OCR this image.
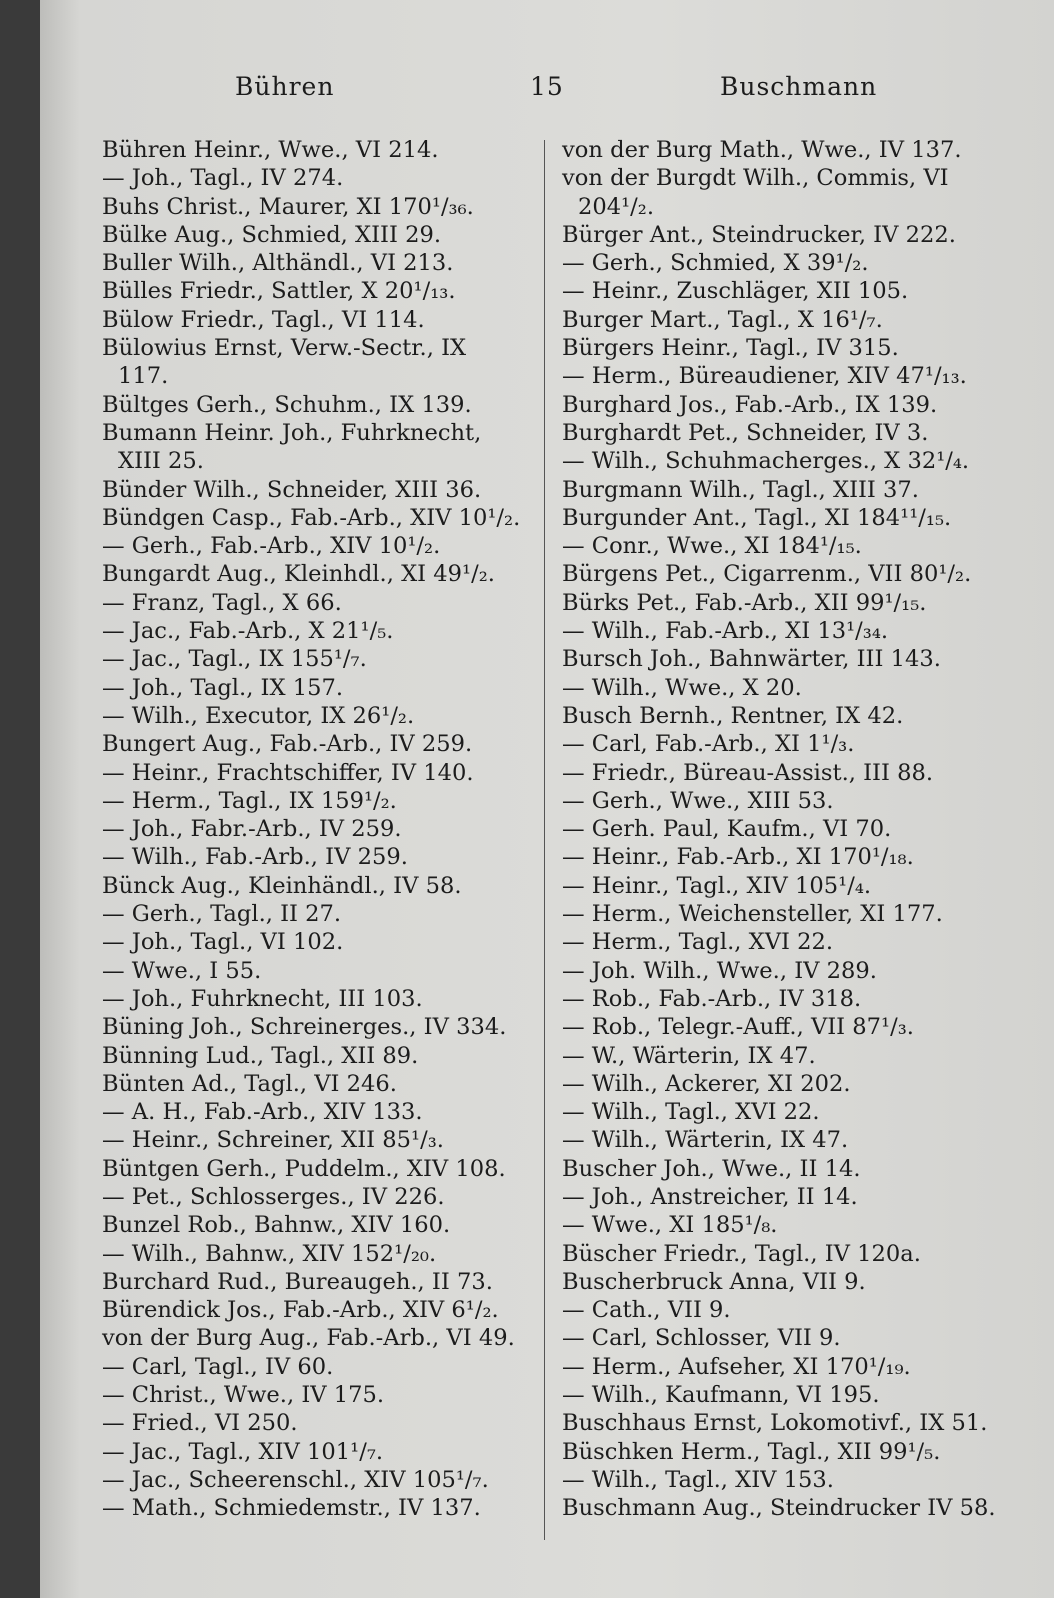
Bühren	15	Buschmann
Bühren Heinr., Wwe., VI 214.
— Joh., Tagl., IV 274.
Buhs Christ., Maurer, XI 170¹/₃₆.
Bülke Aug., Schmied, XIII 29.
Buller Wilh., Althändl., VI 213.
Bülles Friedr., Sattler, X 20¹/₁₃.
Bülow Friedr., Tagl., VI 114.
Bülowius Ernst, Verw.-Sectr., IX
117.
Bültges Gerh., Schuhm., IX 139.
Bumann Heinr. Joh., Fuhrknecht,
XIII 25.
Bünder Wilh., Schneider, XIII 36.
Bündgen Casp., Fab.-Arb., XIV 10¹/₂.
— Gerh., Fab.-Arb., XIV 10¹/₂.
Bungardt Aug., Kleinhdl., XI 49¹/₂.
— Franz, Tagl., X 66.
— Jac., Fab.-Arb., X 21¹/₅.
— Jac., Tagl., IX 155¹/₇.
— Joh., Tagl., IX 157.
— Wilh., Executor, IX 26¹/₂.
Bungert Aug., Fab.-Arb., IV 259.
— Heinr., Frachtschiffer, IV 140.
— Herm., Tagl., IX 159¹/₂.
— Joh., Fabr.-Arb., IV 259.
— Wilh., Fab.-Arb., IV 259.
Bünck Aug., Kleinhändl., IV 58.
— Gerh., Tagl., II 27.
— Joh., Tagl., VI 102.
— Wwe., I 55.
— Joh., Fuhrknecht, III 103.
Büning Joh., Schreinerges., IV 334.
Bünning Lud., Tagl., XII 89.
Bünten Ad., Tagl., VI 246.
— A. H., Fab.-Arb., XIV 133.
— Heinr., Schreiner, XII 85¹/₃.
Büntgen Gerh., Puddelm., XIV 108.
— Pet., Schlosserges., IV 226.
Bunzel Rob., Bahnw., XIV 160.
— Wilh., Bahnw., XIV 152¹/₂₀.
Burchard Rud., Bureaugeh., II 73.
Bürendick Jos., Fab.-Arb., XIV 6¹/₂.
von der Burg Aug., Fab.-Arb., VI 49.
— Carl, Tagl., IV 60.
— Christ., Wwe., IV 175.
— Fried., VI 250.
— Jac., Tagl., XIV 101¹/₇.
— Jac., Scheerenschl., XIV 105¹/₇.
— Math., Schmiedemstr., IV 137.
von der Burg Math., Wwe., IV 137.
von der Burgdt Wilh., Commis, VI
204¹/₂.
Bürger Ant., Steindrucker, IV 222.
— Gerh., Schmied, X 39¹/₂.
— Heinr., Zuschläger, XII 105.
Burger Mart., Tagl., X 16¹/₇.
Bürgers Heinr., Tagl., IV 315.
— Herm., Büreaudiener, XIV 47¹/₁₃.
Burghard Jos., Fab.-Arb., IX 139.
Burghardt Pet., Schneider, IV 3.
— Wilh., Schuhmacherges., X 32¹/₄.
Burgmann Wilh., Tagl., XIII 37.
Burgunder Ant., Tagl., XI 184¹¹/₁₅.
— Conr., Wwe., XI 184¹/₁₅.
Bürgens Pet., Cigarrenm., VII 80¹/₂.
Bürks Pet., Fab.-Arb., XII 99¹/₁₅.
— Wilh., Fab.-Arb., XI 13¹/₃₄.
Bursch Joh., Bahnwärter, III 143.
— Wilh., Wwe., X 20.
Busch Bernh., Rentner, IX 42.
— Carl, Fab.-Arb., XI 1¹/₃.
— Friedr., Büreau-Assist., III 88.
— Gerh., Wwe., XIII 53.
— Gerh. Paul, Kaufm., VI 70.
— Heinr., Fab.-Arb., XI 170¹/₁₈.
— Heinr., Tagl., XIV 105¹/₄.
— Herm., Weichensteller, XI 177.
— Herm., Tagl., XVI 22.
— Joh. Wilh., Wwe., IV 289.
— Rob., Fab.-Arb., IV 318.
— Rob., Telegr.-Auff., VII 87¹/₃.
— W., Wärterin, IX 47.
— Wilh., Ackerer, XI 202.
— Wilh., Tagl., XVI 22.
— Wilh., Wärterin, IX 47.
Buscher Joh., Wwe., II 14.
— Joh., Anstreicher, II 14.
— Wwe., XI 185¹/₈.
Büscher Friedr., Tagl., IV 120a.
Buscherbruck Anna, VII 9.
— Cath., VII 9.
— Carl, Schlosser, VII 9.
— Herm., Aufseher, XI 170¹/₁₉.
— Wilh., Kaufmann, VI 195.
Buschhaus Ernst, Lokomotivf., IX 51.
Büschken Herm., Tagl., XII 99¹/₅.
— Wilh., Tagl., XIV 153.
Buschmann Aug., Steindrucker IV 58.
